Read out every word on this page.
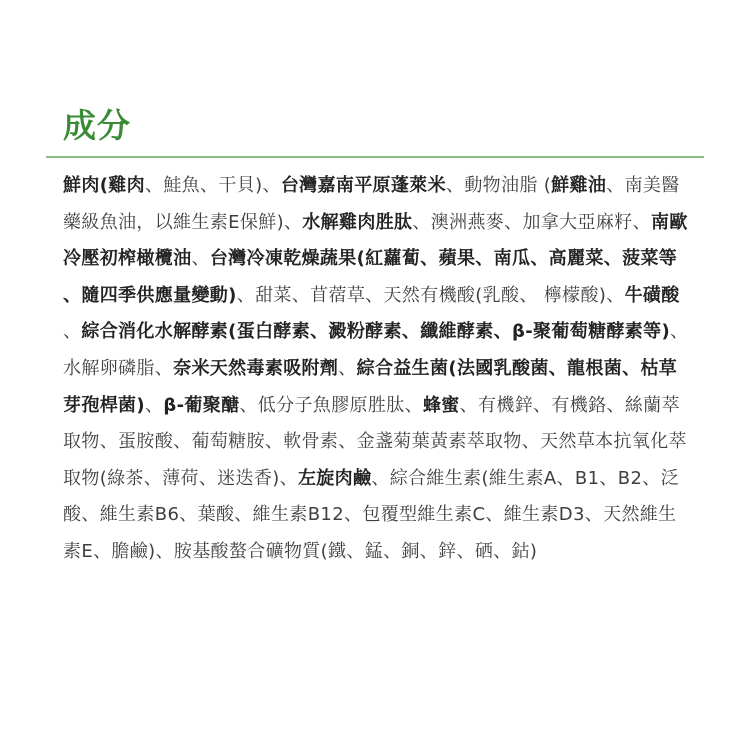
成分

鮮肉(雞肉、鮭魚、干貝)、台灣嘉南平原蓬萊米、動物油脂 (鮮雞油、南美醫藥級魚油，以維生素E保鮮)、水解雞肉胜肽、澳洲燕麥、加拿大亞麻籽、南歐冷壓初榨橄欖油、台灣冷凍乾燥蔬果(紅蘿蔔、蘋果、南瓜、高麗菜、菠菜等、隨四季供應量變動)、甜菜、苜蓿草、天然有機酸(乳酸、 檸檬酸)、牛磺酸、綜合消化水解酵素(蛋白酵素、澱粉酵素、纖維酵素、β-聚葡萄糖酵素等)、水解卵磷脂、奈米天然毒素吸附劑、綜合益生菌(法國乳酸菌、龍根菌、枯草芽孢桿菌)、β-葡聚醣、低分子魚膠原胜肽、蜂蜜、有機鋅、有機鉻、絲蘭萃取物、蛋胺酸、葡萄糖胺、軟骨素、金盞菊葉黃素萃取物、天然草本抗氧化萃取物(綠茶、薄荷、迷迭香)、左旋肉鹼、綜合維生素(維生素A、B1、B2、泛酸、維生素B6、葉酸、維生素B12、包覆型維生素C、維生素D3、天然維生素E、膽鹼)、胺基酸螯合礦物質(鐵、錳、銅、鋅、硒、鈷)
